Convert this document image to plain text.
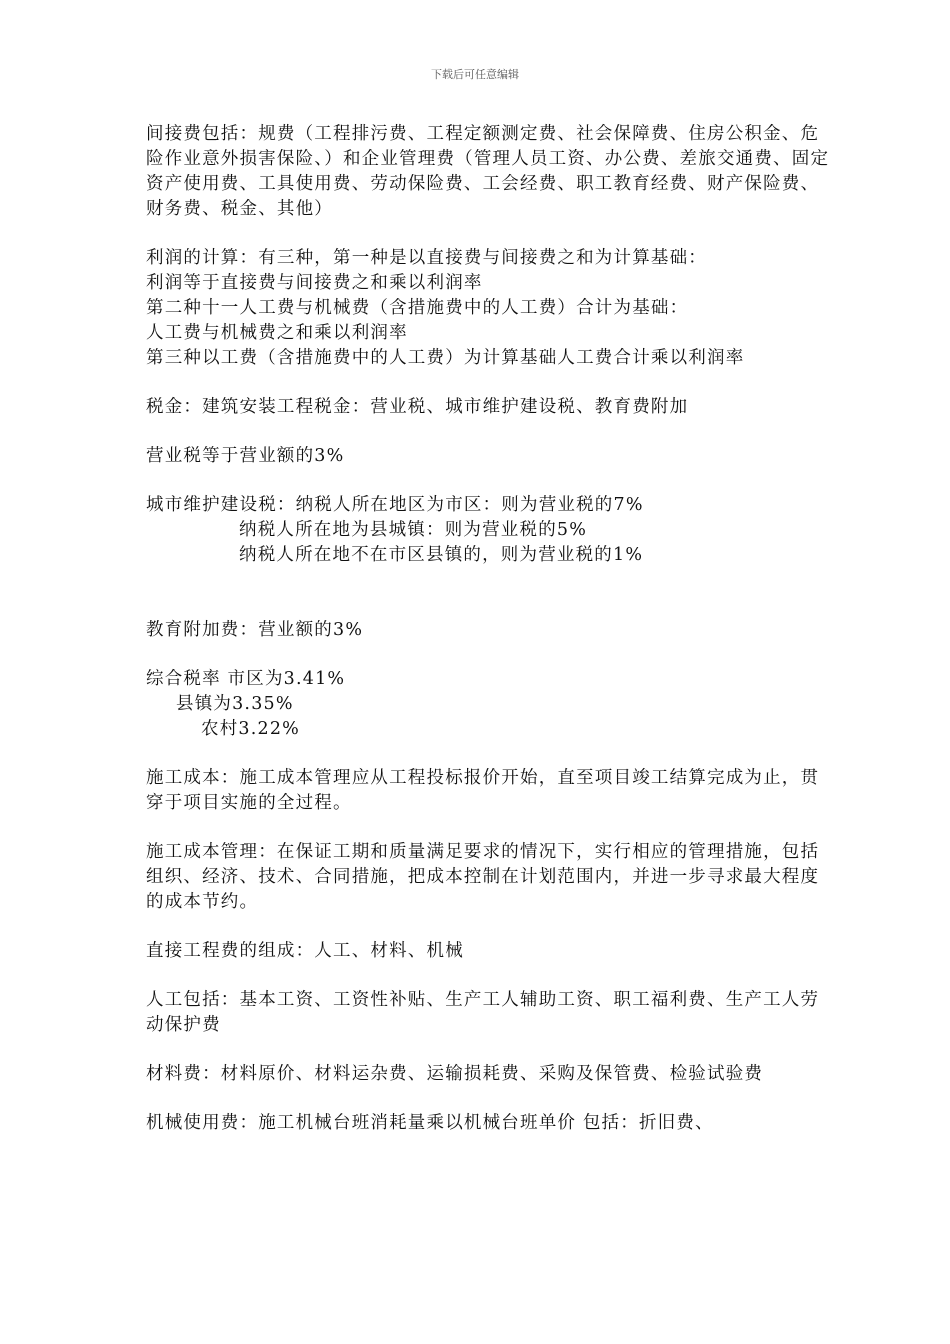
下载后可任意编辑

间接费包括：规费（工程排污费、工程定额测定费、社会保障费、住房公积金、危险作业意外损害保险、）和企业管理费（管理人员工资、办公费、差旅交通费、固定资产使用费、工具使用费、劳动保险费、工会经费、职工教育经费、财产保险费、财务费、税金、其他）

利润的计算：有三种，第一种是以直接费与间接费之和为计算基础：

利润等于直接费与间接费之和乘以利润率

第二种十一人工费与机械费（含措施费中的人工费）合计为基础：

人工费与机械费之和乘以利润率

第三种以工费（含措施费中的人工费）为计算基础人工费合计乘以利润率

税金：建筑安装工程税金：营业税、城市维护建设税、教育费附加

营业税等于营业额的3%

城市维护建设税：纳税人所在地区为市区：则为营业税的7%

纳税人所在地为县城镇：则为营业税的5%

纳税人所在地不在市区县镇的，则为营业税的1%

教育附加费：营业额的3%

综合税率 市区为3.41%

县镇为3.35%

农村3.22%

施工成本：施工成本管理应从工程投标报价开始，直至项目竣工结算完成为止，贯穿于项目实施的全过程。

施工成本管理：在保证工期和质量满足要求的情况下，实行相应的管理措施，包括组织、经济、技术、合同措施，把成本控制在计划范围内，并进一步寻求最大程度的成本节约。

直接工程费的组成：人工、材料、机械

人工包括：基本工资、工资性补贴、生产工人辅助工资、职工福利费、生产工人劳动保护费

材料费：材料原价、材料运杂费、运输损耗费、采购及保管费、检验试验费

机械使用费：施工机械台班消耗量乘以机械台班单价 包括：折旧费、
